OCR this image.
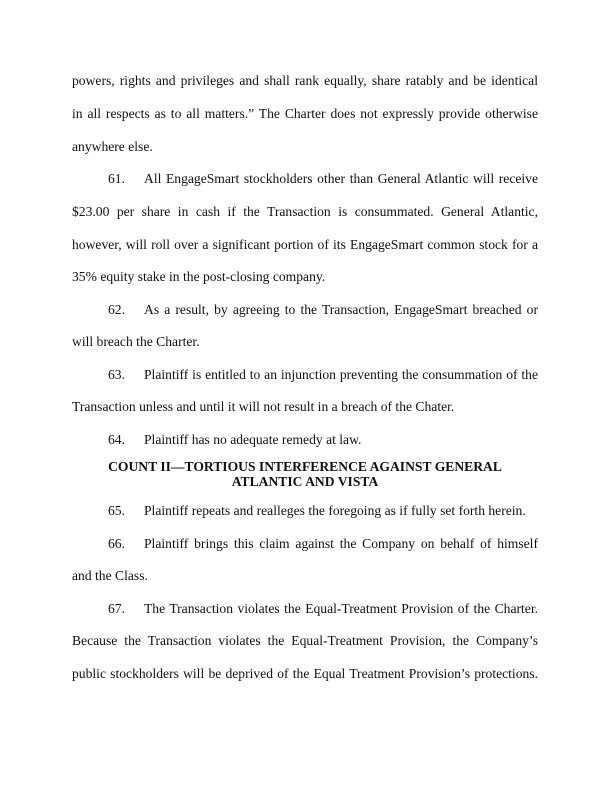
powers, rights and privileges and shall rank equally, share ratably and be identical
in all respects as to all matters.” The Charter does not expressly provide otherwise
anywhere else.
61. All EngageSmart stockholders other than General Atlantic will receive
$23.00 per share in cash if the Transaction is consummated. General Atlantic,
however, will roll over a significant portion of its EngageSmart common stock for a
35% equity stake in the post-closing company.
62. As a result, by agreeing to the Transaction, EngageSmart breached or
will breach the Charter.
63. Plaintiff is entitled to an injunction preventing the consummation of the
Transaction unless and until it will not result in a breach of the Chater.
64. Plaintiff has no adequate remedy at law.
COUNT II—TORTIOUS INTERFERENCE AGAINST GENERAL
ATLANTIC AND VISTA
65. Plaintiff repeats and realleges the foregoing as if fully set forth herein.
66. Plaintiff brings this claim against the Company on behalf of himself
and the Class.
67. The Transaction violates the Equal-Treatment Provision of the Charter.
Because the Transaction violates the Equal-Treatment Provision, the Company’s
public stockholders will be deprived of the Equal Treatment Provision’s protections.
